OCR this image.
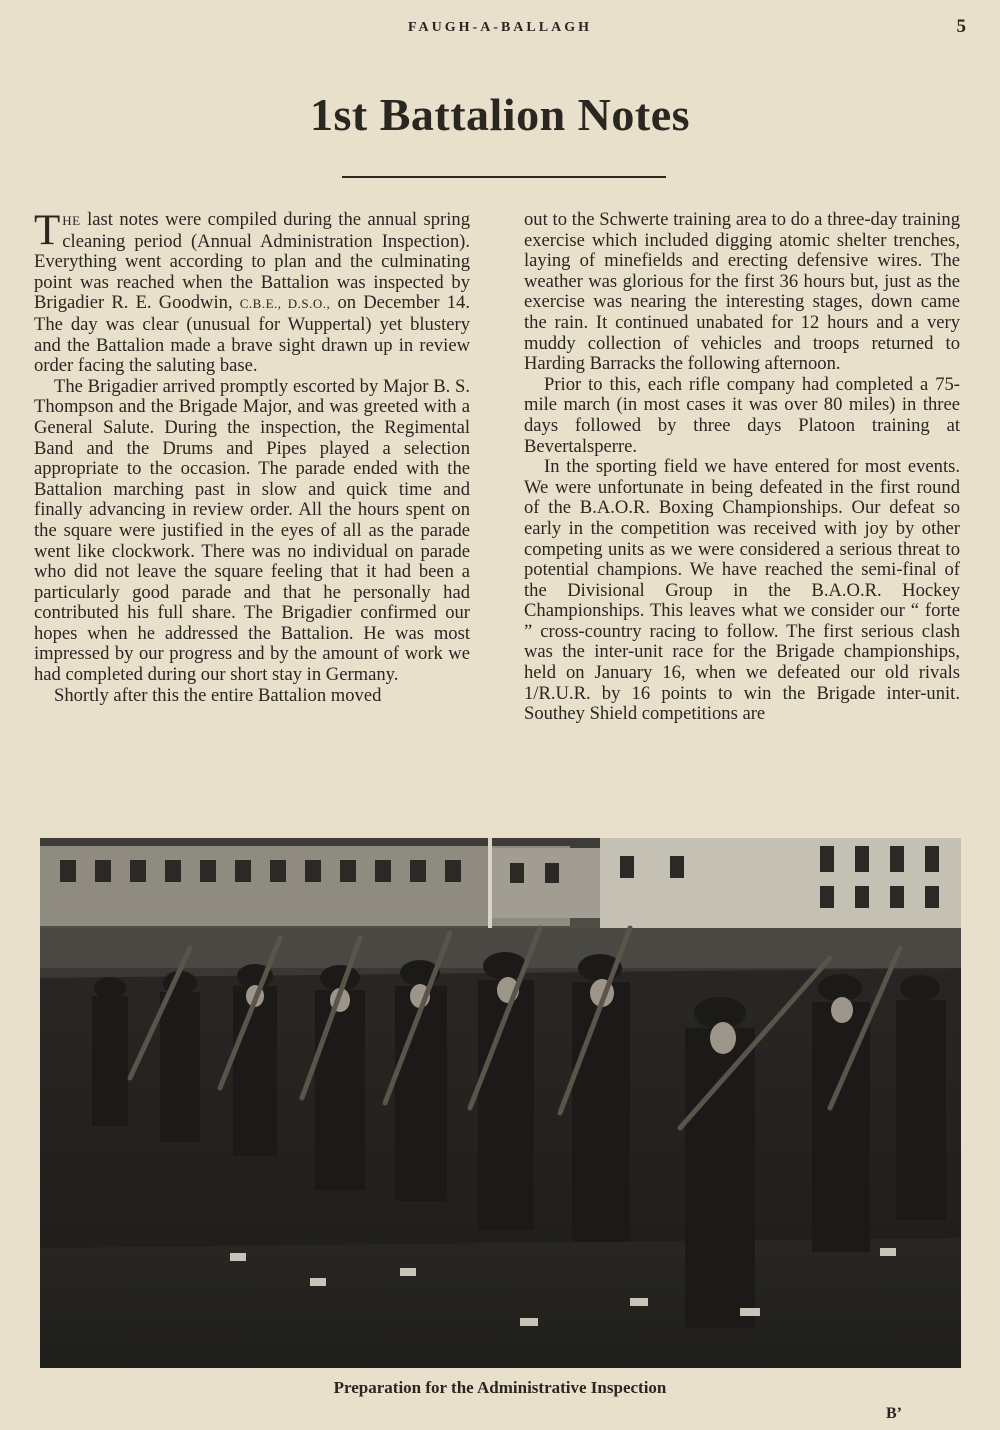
FAUGH-A-BALLAGH	5
1st Battalion Notes

THE last notes were compiled during the annual spring cleaning period (Annual Administration Inspection). Everything went according to plan and the culminating point was reached when the Battalion was inspected by Brigadier R. E. Goodwin, C.B.E., D.S.O., on December 14. The day was clear (unusual for Wuppertal) yet blustery and the Battalion made a brave sight drawn up in review order facing the saluting base.

The Brigadier arrived promptly escorted by Major B. S. Thompson and the Brigade Major, and was greeted with a General Salute. During the inspection, the Regimental Band and the Drums and Pipes played a selection appropriate to the occasion. The parade ended with the Battalion marching past in slow and quick time and finally advancing in review order. All the hours spent on the square were justified in the eyes of all as the parade went like clockwork. There was no individual on parade who did not leave the square feeling that it had been a particularly good parade and that he personally had contributed his full share. The Brigadier confirmed our hopes when he addressed the Battalion. He was most impressed by our progress and by the amount of work we had completed during our short stay in Germany.

Shortly after this the entire Battalion moved

out to the Schwerte training area to do a three-day training exercise which included digging atomic shelter trenches, laying of minefields and erecting defensive wires. The weather was glorious for the first 36 hours but, just as the exercise was nearing the interesting stages, down came the rain. It continued unabated for 12 hours and a very muddy collection of vehicles and troops returned to Harding Barracks the following afternoon.

Prior to this, each rifle company had completed a 75-mile march (in most cases it was over 80 miles) in three days followed by three days Platoon training at Bevertalsperre.

In the sporting field we have entered for most events. We were unfortunate in being defeated in the first round of the B.A.O.R. Boxing Championships. Our defeat so early in the competition was received with joy by other competing units as we were considered a serious threat to potential champions. We have reached the semi-final of the Divisional Group in the B.A.O.R. Hockey Championships. This leaves what we consider our “ forte ” cross-country racing to follow. The first serious clash was the inter-unit race for the Brigade championships, held on January 16, when we defeated our old rivals 1/R.U.R. by 16 points to win the Brigade inter-unit. Southey Shield competitions are

Preparation for the Administrative Inspection
B’
